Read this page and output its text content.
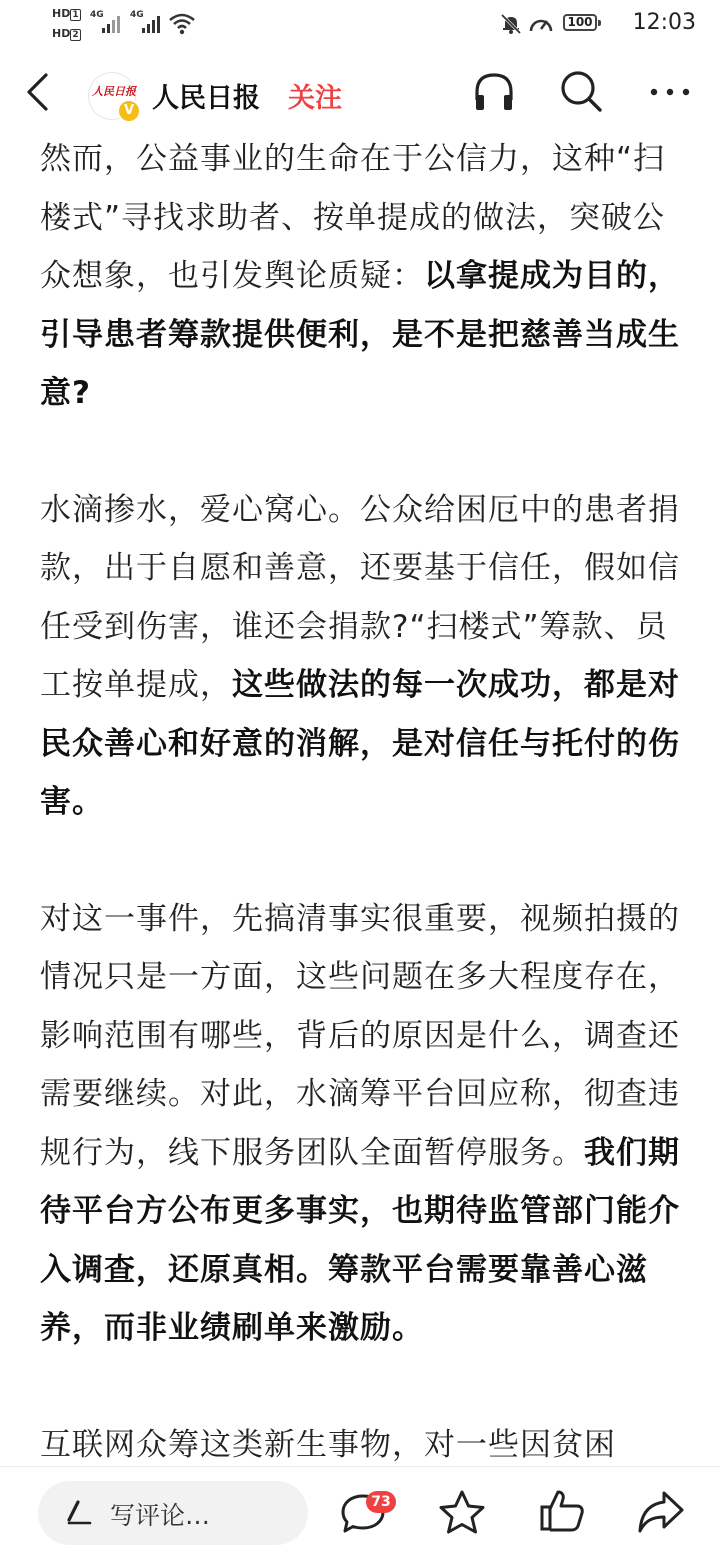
HD 1
HD 2
4G	4G	100 12:03
人民日报
V 人民日报 关注

然而，公益事业的生命在于公信力，这种“扫楼式”寻找求助者、按单提成的做法，突破公众想象，也引发舆论质疑：以拿提成为目的，引导患者筹款提供便利，是不是把慈善当成生意?

水滴掺水，爱心窝心。公众给困厄中的患者捐款，出于自愿和善意，还要基于信任，假如信任受到伤害，谁还会捐款?“扫楼式”筹款、员工按单提成，这些做法的每一次成功，都是对民众善心和好意的消解，是对信任与托付的伤害。

对这一事件，先搞清事实很重要，视频拍摄的情况只是一方面，这些问题在多大程度存在，影响范围有哪些，背后的原因是什么，调查还需要继续。对此，水滴筹平台回应称，彻查违规行为，线下服务团队全面暂停服务。我们期待平台方公布更多事实，也期待监管部门能介入调查，还原真相。筹款平台需要靠善心滋养，而非业绩刷单来激励。

互联网众筹这类新生事物，对一些因贫困

写评论…	73
